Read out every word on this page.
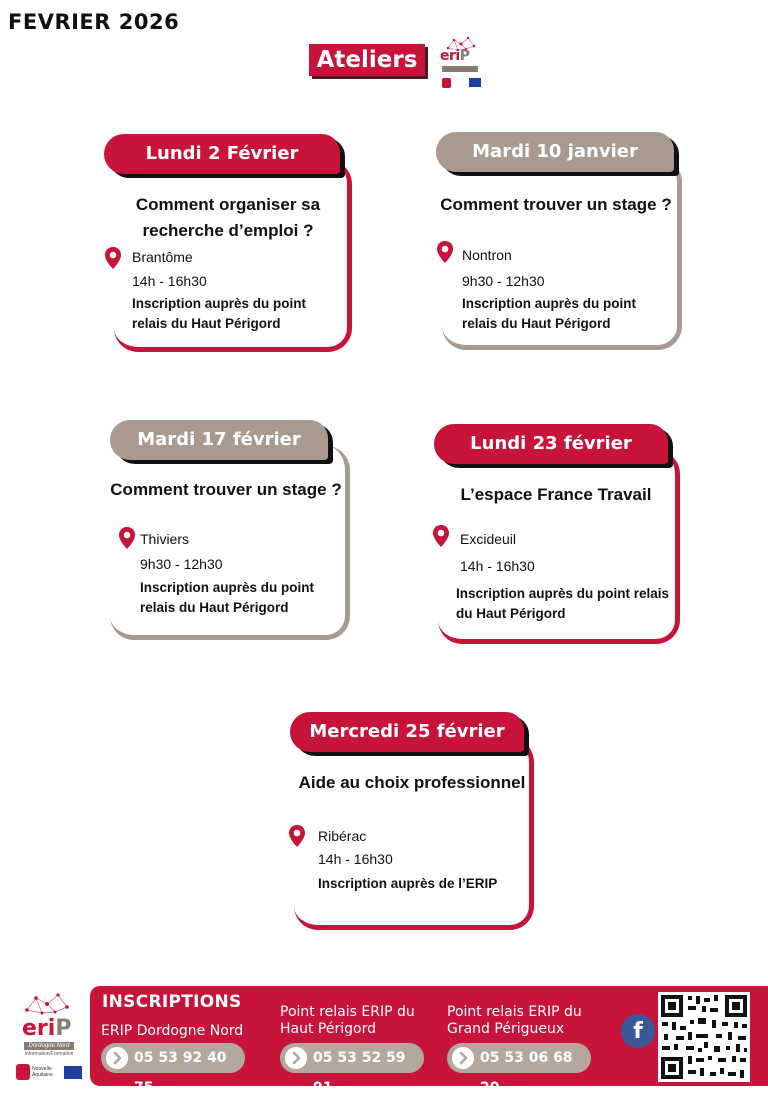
FEVRIER 2026
Ateliers	eriP
Lundi 2 Février
Comment organiser sa recherche d’emploi ?
Brantôme
14h - 16h30
Inscription auprès du point relais du Haut Périgord
Mardi 10 janvier
Comment trouver un stage ?
Nontron
9h30 - 12h30
Inscription auprès du point relais du Haut Périgord
Mardi 17 février
Comment trouver un stage ?
Thiviers
9h30 - 12h30
Inscription auprès du point relais du Haut Périgord
Lundi 23 février
L’espace France Travail
Excideuil
14h - 16h30
Inscription auprès du point relais du Haut Périgord
Mercredi 25 février
Aide au choix professionnel
Ribérac
14h - 16h30
Inscription auprès de l’ERIP
eriP
Dordogne Nord
Information/Formation
Nouvelle-Aquitaine
INSCRIPTIONS
ERIP Dordogne Nord
05 53 92 40 75
Point relais ERIP du Haut Périgord
05 53 52 59 91
Point relais ERIP du Grand Périgueux
05 53 06 68 20
f
